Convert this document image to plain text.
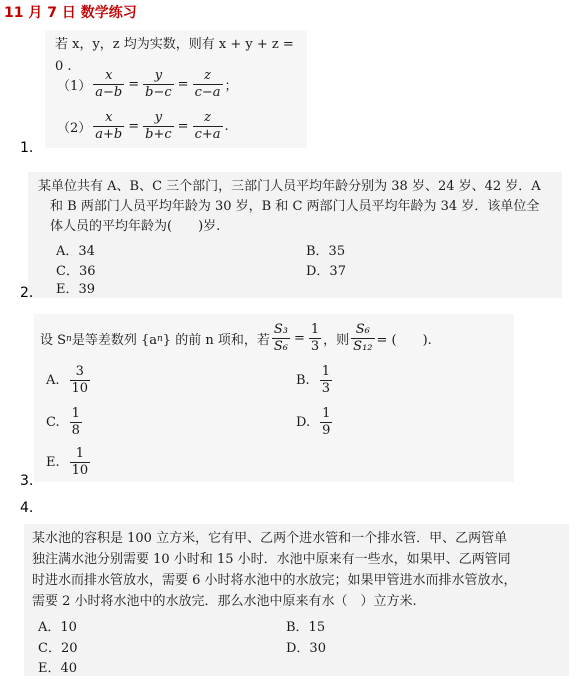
11 月 7 日 数学练习
若 x，y，z 均为实数，则有 x + y + z = 0 .
$(1) \frac{x}{a-b} = \frac{y}{b-c} = \frac{z}{c-a}$ ；
$(2) \frac{x}{a+b} = \frac{y}{b+c} = \frac{z}{c+a}$ .
1.
某单位共有 A、B、C 三个部门，三部门人员平均年龄分别为 38 岁、24 岁、42 岁．A
和 B 两部门人员平均年龄为 30 岁，B 和 C 两部门人员平均年龄为 34 岁．该单位全
体人员的平均年龄为(　　)岁.
A．34	B．35
C．36	D．37
E．39
2.
设 S n 是等差数列 {a n } 的前 n 项和，若 $\frac{\text{S₃}}{\text{S₆}} = \frac{1}{3}$ ，则 $\frac{\text{S₆}}{\text{S₁₂}}$ = (　　).
A. $\frac{3}{10}$	B. $\frac{1}{3}$
C. $\frac{1}{8}$	D. $\frac{1}{9}$
E. $\frac{1}{10}$
3.
4.
某水池的容积是 100 立方米，它有甲、乙两个进水管和一个排水管．甲、乙两管单
独注满水池分别需要 10 小时和 15 小时．水池中原来有一些水，如果甲、乙两管同
时进水而排水管放水，需要 6 小时将水池中的水放完；如果甲管进水而排水管放水，
需要 2 小时将水池中的水放完．那么水池中原来有水（　）立方米.
A．10	B．15
C．20	D．30
E．40
